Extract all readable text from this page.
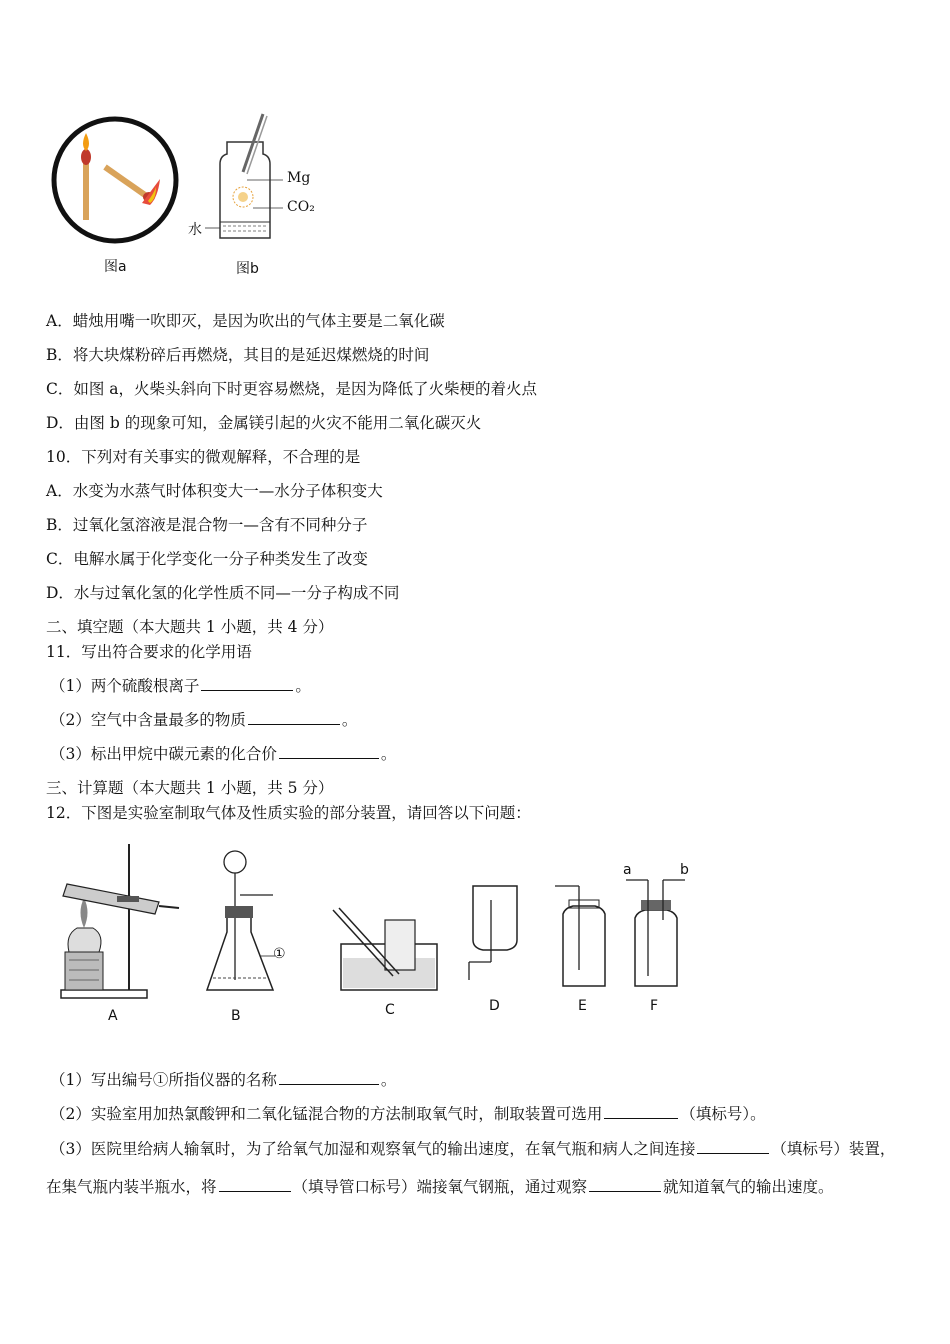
图a
Mg
CO₂
水
图b
A．蜡烛用嘴一吹即灭，是因为吹出的气体主要是二氧化碳
B．将大块煤粉碎后再燃烧，其目的是延迟煤燃烧的时间
C．如图 a，火柴头斜向下时更容易燃烧，是因为降低了火柴梗的着火点
D．由图 b 的现象可知，金属镁引起的火灾不能用二氧化碳灭火
10．下列对有关事实的微观解释，不合理的是
A．水变为水蒸气时体积变大一—水分子体积变大
B．过氧化氢溶液是混合物一—含有不同种分子
C．电解水属于化学变化一分子种类发生了改变
D．水与过氧化氢的化学性质不同—一分子构成不同
二、填空题（本大题共 1 小题，共 4 分）
11．写出符合要求的化学用语
（1）两个硫酸根离子	。
（2）空气中含量最多的物质	。
（3）标出甲烷中碳元素的化合价	。
三、计算题（本大题共 1 小题，共 5 分）
12．下图是实验室制取气体及性质实验的部分装置，请回答以下问题：
A	B	C	D	E	F
①
a	b
（1）写出编号①所指仪器的名称	。
（2）实验室用加热氯酸钾和二氧化锰混合物的方法制取氧气时，制取装置可选用	（填标号）。
（3）医院里给病人输氧时，为了给氧气加湿和观察氧气的输出速度，在氧气瓶和病人之间连接	（填标号）装置，在集气瓶内装半瓶水，将	（填导管口标号）端接氧气钢瓶，通过观察	就知道氧气的输出速度。
